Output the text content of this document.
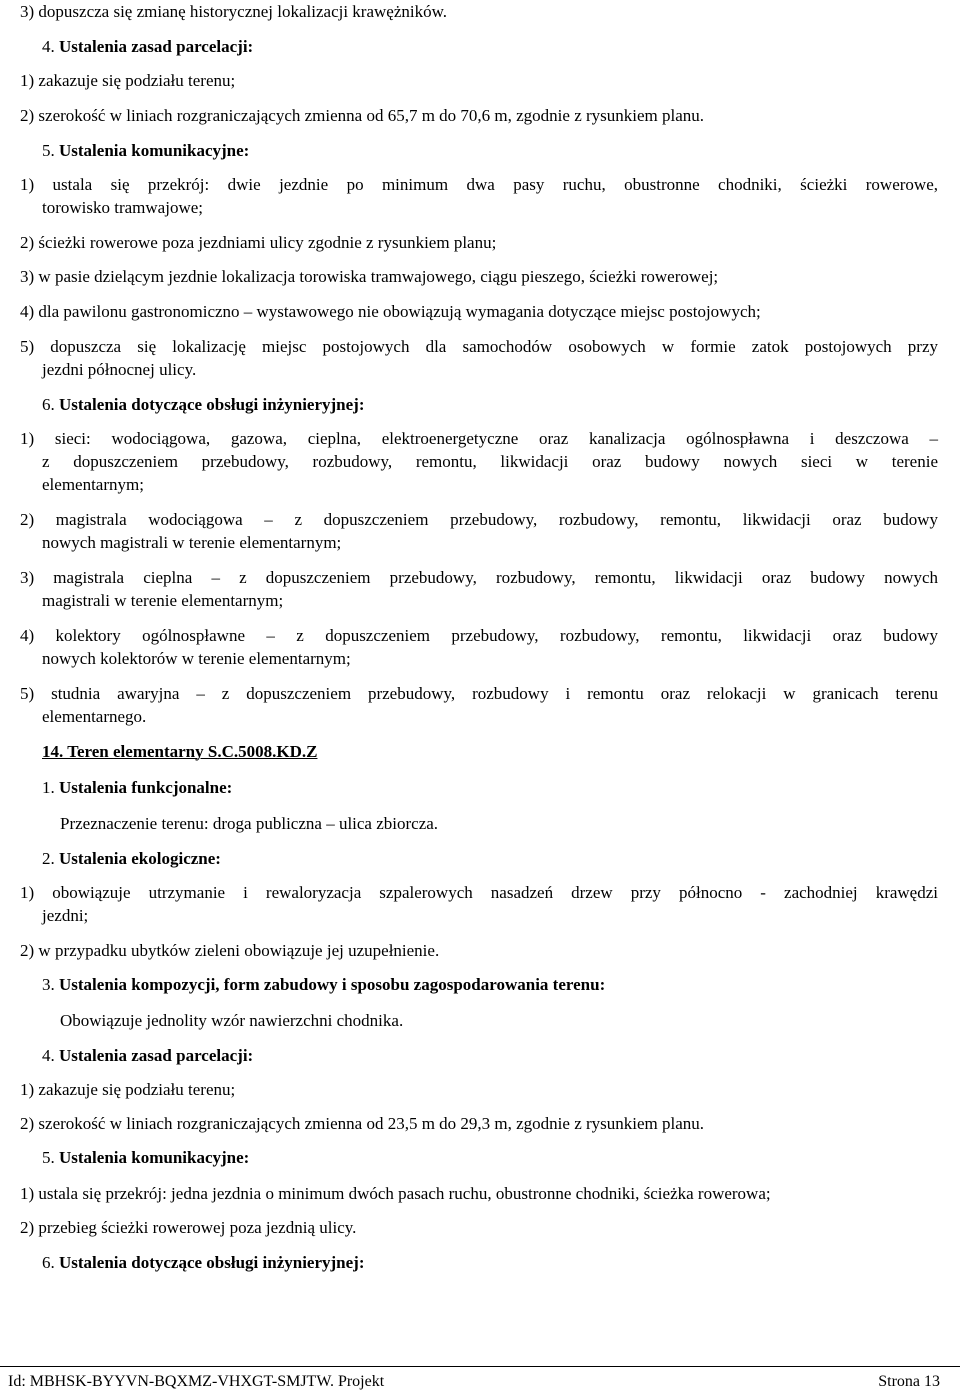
3) dopuszcza się zmianę historycznej lokalizacji krawężników.
4. Ustalenia zasad parcelacji:
1) zakazuje się podziału terenu;
2) szerokość w liniach rozgraniczających zmienna od 65,7 m do 70,6 m, zgodnie z rysunkiem planu.
5. Ustalenia komunikacyjne:
1) ustala się przekrój: dwie jezdnie po minimum dwa pasy ruchu, obustronne chodniki, ścieżki rowerowe,
torowisko tramwajowe;
2) ścieżki rowerowe poza jezdniami ulicy zgodnie z rysunkiem planu;
3) w pasie dzielącym jezdnie lokalizacja torowiska tramwajowego, ciągu pieszego, ścieżki rowerowej;
4) dla pawilonu gastronomiczno – wystawowego nie obowiązują wymagania dotyczące miejsc postojowych;
5) dopuszcza się lokalizację miejsc postojowych dla samochodów osobowych w formie zatok postojowych przy
jezdni północnej ulicy.
6. Ustalenia dotyczące obsługi inżynieryjnej:
1) sieci: wodociągowa, gazowa, cieplna, elektroenergetyczne oraz kanalizacja ogólnospławna i deszczowa –
z dopuszczeniem przebudowy, rozbudowy, remontu, likwidacji oraz budowy nowych sieci w terenie
elementarnym;
2) magistrala wodociągowa – z dopuszczeniem przebudowy, rozbudowy, remontu, likwidacji oraz budowy
nowych magistrali w terenie elementarnym;
3) magistrala cieplna – z dopuszczeniem przebudowy, rozbudowy, remontu, likwidacji oraz budowy nowych
magistrali w terenie elementarnym;
4) kolektory ogólnospławne – z dopuszczeniem przebudowy, rozbudowy, remontu, likwidacji oraz budowy
nowych kolektorów w terenie elementarnym;
5) studnia awaryjna – z dopuszczeniem przebudowy, rozbudowy i remontu oraz relokacji w granicach terenu
elementarnego.
14. Teren elementarny S.C.5008.KD.Z
1. Ustalenia funkcjonalne:
Przeznaczenie terenu: droga publiczna – ulica zbiorcza.
2. Ustalenia ekologiczne:
1) obowiązuje utrzymanie i rewaloryzacja szpalerowych nasadzeń drzew przy północno - zachodniej krawędzi
jezdni;
2) w przypadku ubytków zieleni obowiązuje jej uzupełnienie.
3. Ustalenia kompozycji, form zabudowy i sposobu zagospodarowania terenu:
Obowiązuje jednolity wzór nawierzchni chodnika.
4. Ustalenia zasad parcelacji:
1) zakazuje się podziału terenu;
2) szerokość w liniach rozgraniczających zmienna od 23,5 m do 29,3 m, zgodnie z rysunkiem planu.
5. Ustalenia komunikacyjne:
1) ustala się przekrój: jedna jezdnia o minimum dwóch pasach ruchu, obustronne chodniki, ścieżka rowerowa;
2) przebieg ścieżki rowerowej poza jezdnią ulicy.
6. Ustalenia dotyczące obsługi inżynieryjnej:
Id: MBHSK-BYYVN-BQXMZ-VHXGT-SMJTW. Projekt	Strona 13
